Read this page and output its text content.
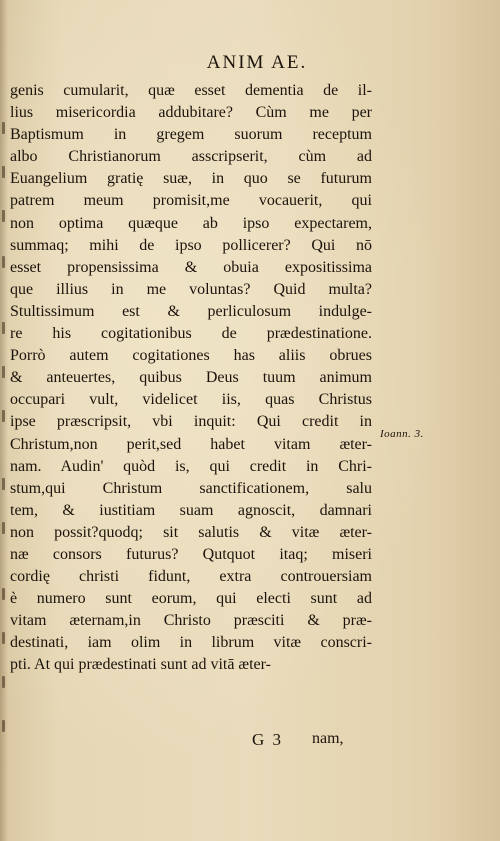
ANIM AE.
genis cumularit, quæ esset dementia de il-
lius misericordia addubitare? Cùm me per
Baptismum in gregem suorum receptum
albo Christianorum asscripserit, cùm ad
Euangelium gratię suæ, in quo se futurum
patrem meum promisit,me vocauerit, qui
non optima quæque ab ipso expectarem,
summaq; mihi de ipso pollicerer? Qui nō
esset propensissima & obuia expositissima
que illius in me voluntas? Quid multa?
Stultissimum est & perliculosum indulge-
re his cogitationibus de prædestinatione.
Porrò autem cogitationes has aliis obrues
& anteuertes, quibus Deus tuum animum
occupari vult, videlicet iis, quas Christus
ipse præscripsit, vbi inquit: Qui credit in
Christum,non perit,sed habet vitam æter-
nam. Audin' quòd is, qui credit in Chri-
stum,qui Christum sanctificationem, salu
tem, & iustitiam suam agnoscit, damnari
non possit?quodq; sit salutis & vitæ æter-
næ consors futurus? Qutquot itaq; miseri
cordię christi fidunt, extra controuersiam
è numero sunt eorum, qui electi sunt ad
vitam æternam,in Christo præsciti & præ-
destinati, iam olim in librum vitæ conscri-
pti. At qui prædestinati sunt ad vitā æter-
Ioann. 3.
G 3 nam,
